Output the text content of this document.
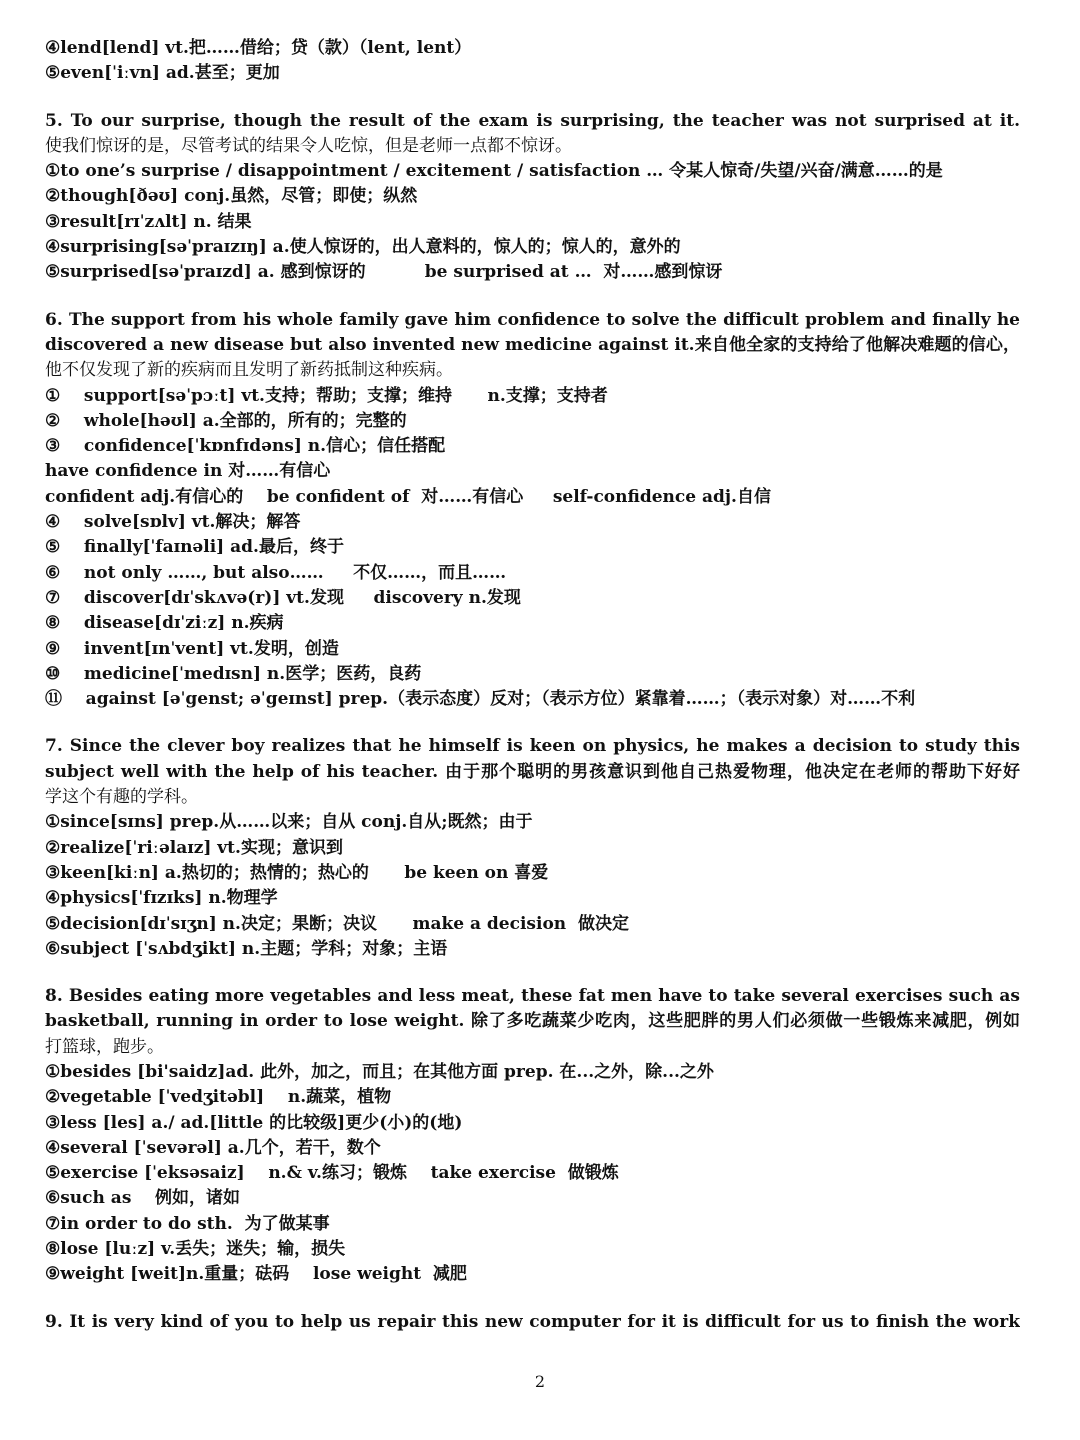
④lend[lend] vt.把……借给；贷（款）（lent, lent）
⑤even[ˈiːvn] ad.甚至；更加
5. To our surprise, though the result of the exam is surprising, the teacher was not surprised at it.
使我们惊讶的是，尽管考试的结果令人吃惊，但是老师一点都不惊讶。
①to one’s surprise / disappointment / excitement / satisfaction … 令某人惊奇/失望/兴奋/满意……的是
②though[ðəʊ] conj.虽然，尽管；即使；纵然
③result[rɪˈzʌlt] n. 结果
④surprising[səˈpraɪzɪŋ] a.使人惊讶的，出人意料的，惊人的；惊人的，意外的
⑤surprised[səˈpraɪzd] a. 感到惊讶的          be surprised at …  对……感到惊讶
6. The support from his whole family gave him confidence to solve the difficult problem and finally he
discovered a new disease but also invented new medicine against it.来自他全家的支持给了他解决难题的信心，
他不仅发现了新的疾病而且发明了新药抵制这种疾病。
①    support[səˈpɔːt] vt.支持；帮助；支撑；维持      n.支撑；支持者
②    whole[həʊl] a.全部的，所有的；完整的
③    confidence[ˈkɒnfɪdəns] n.信心；信任搭配
have confidence in 对……有信心
confident adj.有信心的    be confident of  对……有信心     self-confidence adj.自信
④    solve[sɒlv] vt.解决；解答
⑤    finally[ˈfaɪnəli] ad.最后，终于
⑥    not only ……, but also……     不仅……，而且……
⑦    discover[dɪˈskʌvə(r)] vt.发现     discovery n.发现
⑧    disease[dɪˈziːz] n.疾病
⑨    invent[ɪnˈvent] vt.发明，创造
⑩    medicine[ˈmedɪsn] n.医学；医药，良药
⑪    against [əˈgenst; əˈgeɪnst] prep.（表示态度）反对；（表示方位）紧靠着……；（表示对象）对……不利
7. Since the clever boy realizes that he himself is keen on physics, he makes a decision to study this
subject well with the help of his teacher. 由于那个聪明的男孩意识到他自己热爱物理，他决定在老师的帮助下好好
学这个有趣的学科。
①since[sɪns] prep.从……以来；自从 conj.自从;既然；由于
②realize[ˈriːəlaɪz] vt.实现；意识到
③keen[kiːn] a.热切的；热情的；热心的      be keen on 喜爱
④physics[ˈfɪzɪks] n.物理学
⑤decision[dɪˈsɪʒn] n.决定；果断；决议      make a decision  做决定
⑥subject [ˈsʌbdʒikt] n.主题；学科；对象；主语
8. Besides eating more vegetables and less meat, these fat men have to take several exercises such as
basketball, running in order to lose weight. 除了多吃蔬菜少吃肉，这些肥胖的男人们必须做一些锻炼来减肥，例如
打篮球，跑步。
①besides [bi'saidz]ad. 此外，加之，而且；在其他方面 prep. 在...之外，除...之外
②vegetable [ˈvedʒitəbl]    n.蔬菜，植物
③less [les] a./ ad.[little 的比较级]更少(小)的(地)
④several [ˈsevərəl] a.几个，若干，数个
⑤exercise [ˈeksəsaiz]    n.& v.练习；锻炼    take exercise  做锻炼
⑥such as    例如，诸如
⑦in order to do sth.  为了做某事
⑧lose [luːz] v.丢失；迷失；输，损失
⑨weight [weit]n.重量；砝码    lose weight  减肥
9. It is very kind of you to help us repair this new computer for it is difficult for us to finish the work
2
